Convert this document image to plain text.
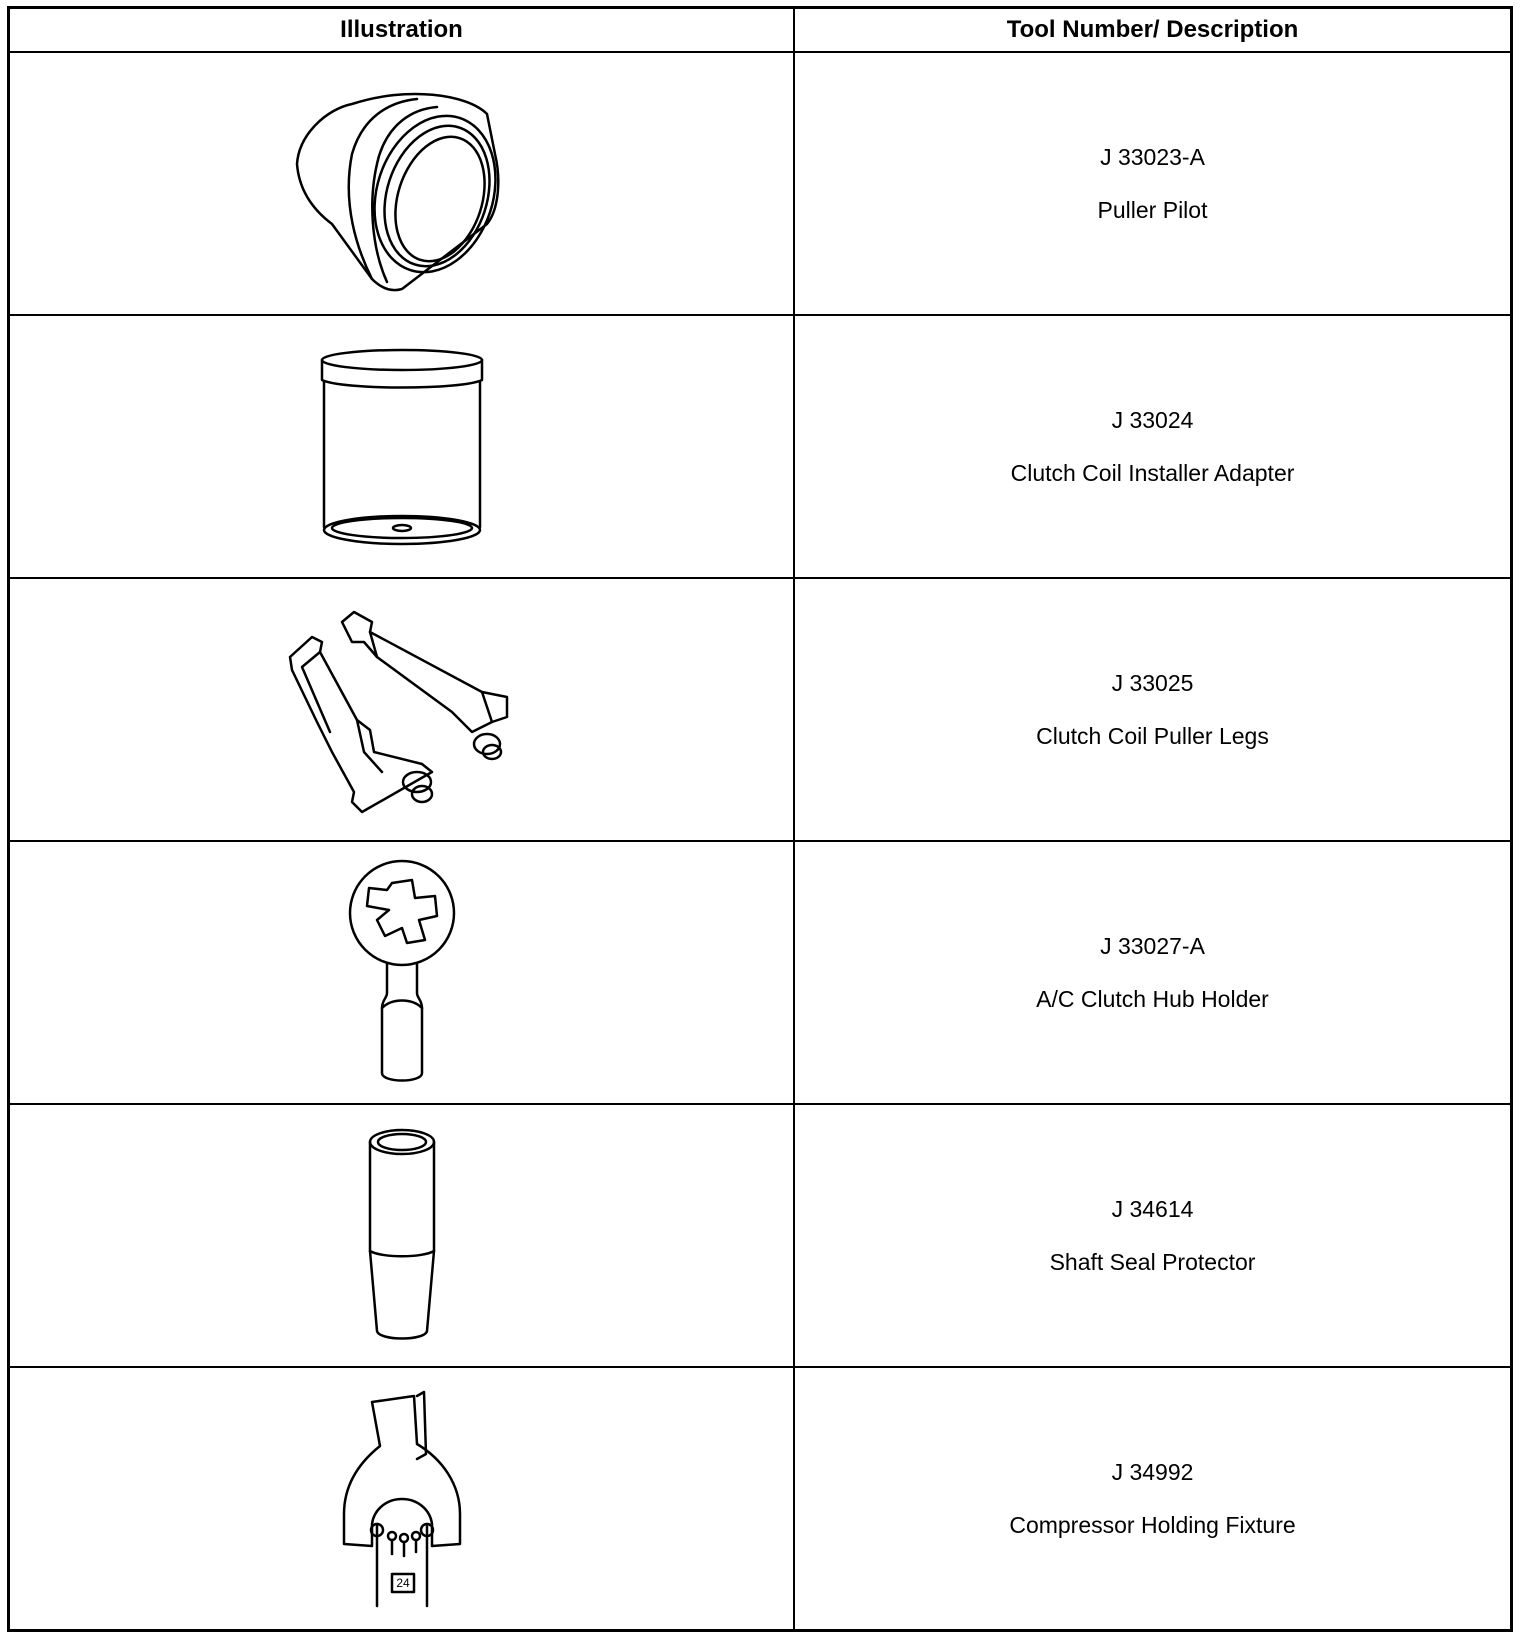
Illustration	Tool Number/ Description
J 33023-A
Puller Pilot
J 33024
Clutch Coil Installer Adapter
J 33025
Clutch Coil Puller Legs
J 33027-A
A/C Clutch Hub Holder
J 34614
Shaft Seal Protector
24
J 34992
Compressor Holding Fixture
